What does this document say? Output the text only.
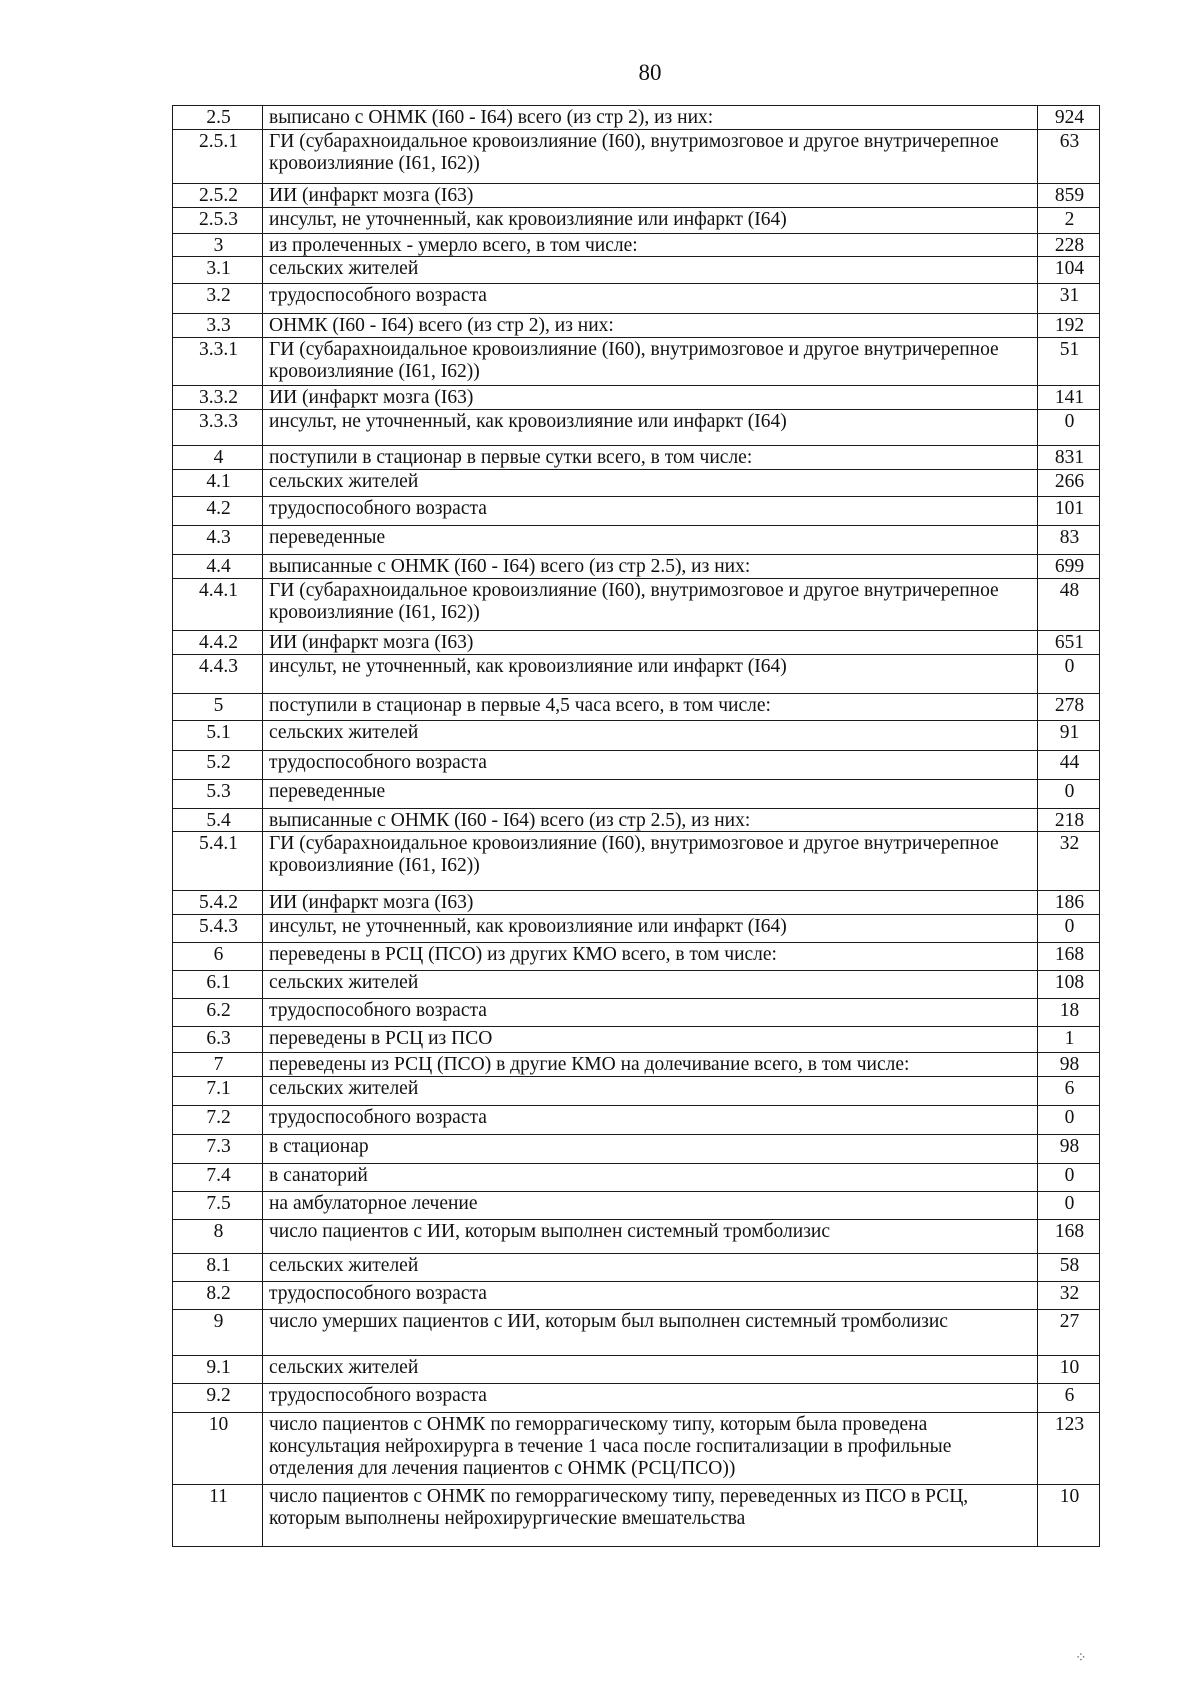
80
2.5	выписано с ОНМК (I60 - I64) всего (из стр 2), из них:	924
2.5.1	ГИ (субарахноидальное кровоизлияние (I60), внутримозговое и другое внутричерепное кровоизлияние (I61, I62))	63
2.5.2	ИИ (инфаркт мозга (I63)	859
2.5.3	инсульт, не уточненный, как кровоизлияние или инфаркт (I64)	2
3	из пролеченных - умерло всего, в том числе:	228
3.1	сельских жителей	104
3.2	трудоспособного возраста	31
3.3	ОНМК (I60 - I64) всего (из стр 2), из них:	192
3.3.1	ГИ (субарахноидальное кровоизлияние (I60), внутримозговое и другое внутричерепное кровоизлияние (I61, I62))	51
3.3.2	ИИ (инфаркт мозга (I63)	141
3.3.3	инсульт, не уточненный, как кровоизлияние или инфаркт (I64)	0
4	поступили в стационар в первые сутки всего, в том числе:	831
4.1	сельских жителей	266
4.2	трудоспособного возраста	101
4.3	переведенные	83
4.4	выписанные с ОНМК (I60 - I64) всего (из стр 2.5), из них:	699
4.4.1	ГИ (субарахноидальное кровоизлияние (I60), внутримозговое и другое внутричерепное кровоизлияние (I61, I62))	48
4.4.2	ИИ (инфаркт мозга (I63)	651
4.4.3	инсульт, не уточненный, как кровоизлияние или инфаркт (I64)	0
5	поступили в стационар в первые 4,5 часа всего, в том числе:	278
5.1	сельских жителей	91
5.2	трудоспособного возраста	44
5.3	переведенные	0
5.4	выписанные с ОНМК (I60 - I64) всего (из стр 2.5), из них:	218
5.4.1	ГИ (субарахноидальное кровоизлияние (I60), внутримозговое и другое внутричерепное кровоизлияние (I61, I62))	32
5.4.2	ИИ (инфаркт мозга (I63)	186
5.4.3	инсульт, не уточненный, как кровоизлияние или инфаркт (I64)	0
6	переведены в РСЦ (ПСО) из других КМО всего, в том числе:	168
6.1	сельских жителей	108
6.2	трудоспособного возраста	18
6.3	переведены в РСЦ из ПСО	1
7	переведены из РСЦ (ПСО) в другие КМО на долечивание всего, в том числе:	98
7.1	сельских жителей	6
7.2	трудоспособного возраста	0
7.3	в стационар	98
7.4	в санаторий	0
7.5	на амбулаторное лечение	0
8	число пациентов с ИИ, которым выполнен системный тромболизис	168
8.1	сельских жителей	58
8.2	трудоспособного возраста	32
9	число умерших пациентов с ИИ, которым был выполнен системный тромболизис	27
9.1	сельских жителей	10
9.2	трудоспособного возраста	6
10	число пациентов с ОНМК по геморрагическому типу, которым была проведена консультация нейрохирурга в течение 1 часа после госпитализации в профильные отделения для лечения пациентов с ОНМК (РСЦ/ПСО))	123
11	число пациентов с ОНМК по геморрагическому типу, переведенных из ПСО в РСЦ, которым выполнены нейрохирургические вмешательства	10
⁘
